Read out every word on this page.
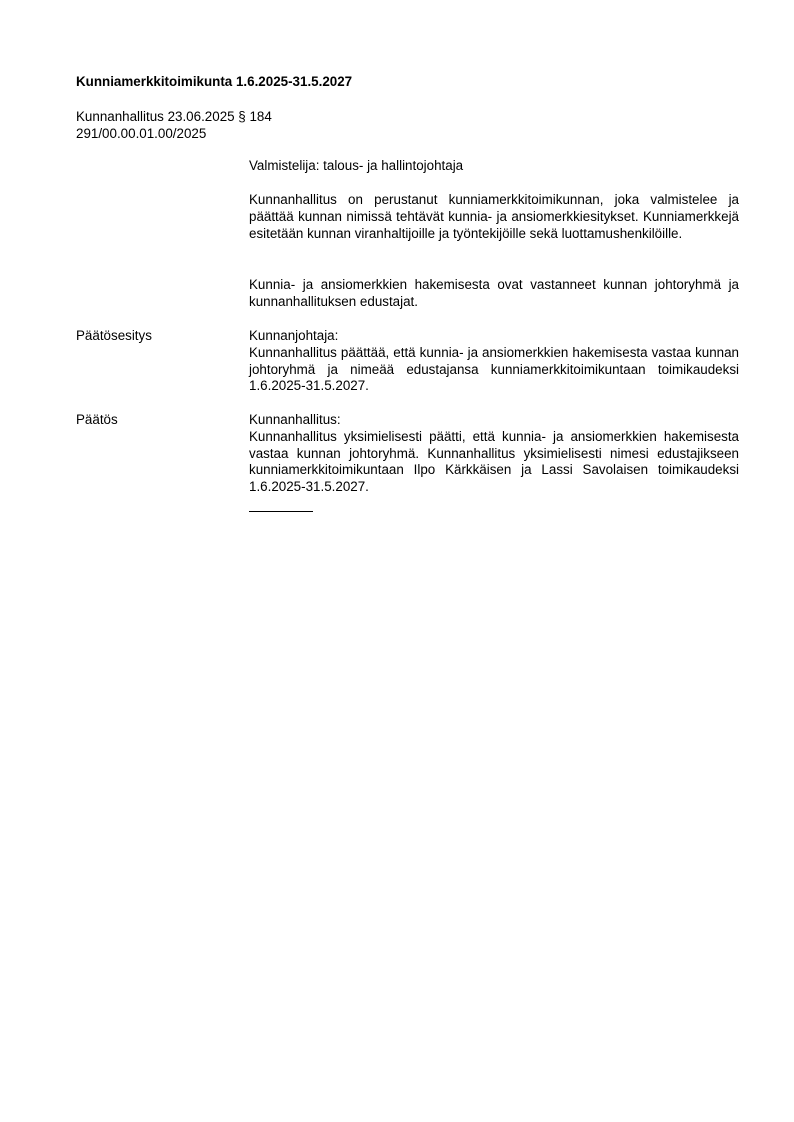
Kunniamerkkitoimikunta 1.6.2025-31.5.2027
Kunnanhallitus 23.06.2025 § 184
291/00.00.01.00/2025
Valmistelija: talous- ja hallintojohtaja

Kunnanhallitus on perustanut kunniamerkkitoimikunnan, joka valmistelee ja päättää kunnan nimissä tehtävät kunnia- ja ansiomerkkiesitykset. Kunniamerkkejä esitetään kunnan viranhaltijoille ja työntekijöille sekä luottamushenkilöille.

Kunnia- ja ansiomerkkien hakemisesta ovat vastanneet kunnan johtoryhmä ja kunnanhallituksen edustajat.

Päätösesitys	Kunnanjohtaja:

Kunnanhallitus päättää, että kunnia- ja ansiomerkkien hakemisesta vastaa kunnan johtoryhmä ja nimeää edustajansa kunniamerkkitoimikuntaan toimikaudeksi 1.6.2025-31.5.2027.

Päätös	Kunnanhallitus:

Kunnanhallitus yksimielisesti päätti, että kunnia- ja ansiomerkkien hakemisesta vastaa kunnan johtoryhmä. Kunnanhallitus yksimielisesti nimesi edustajikseen kunniamerkkitoimikuntaan Ilpo Kärkkäisen ja Lassi Savolaisen toimikaudeksi 1.6.2025-31.5.2027.
